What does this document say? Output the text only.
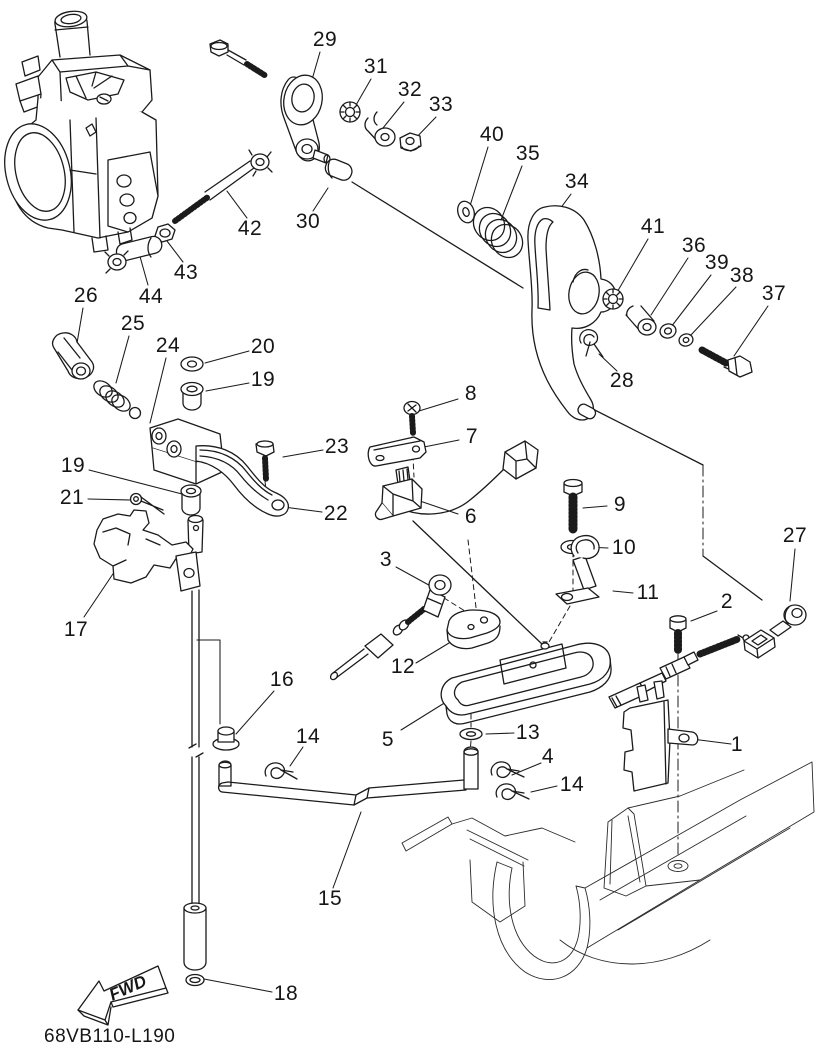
FWD
29
31
32
33
40
35
34
41
36
39
38
37
42 30
43
44
26
25
24	20
19
23
8
7
6
22
19
21
28
9
10
11
27
2
17
3
12
16
5	13
4
14
14
1
15
18
68VB110-L190
